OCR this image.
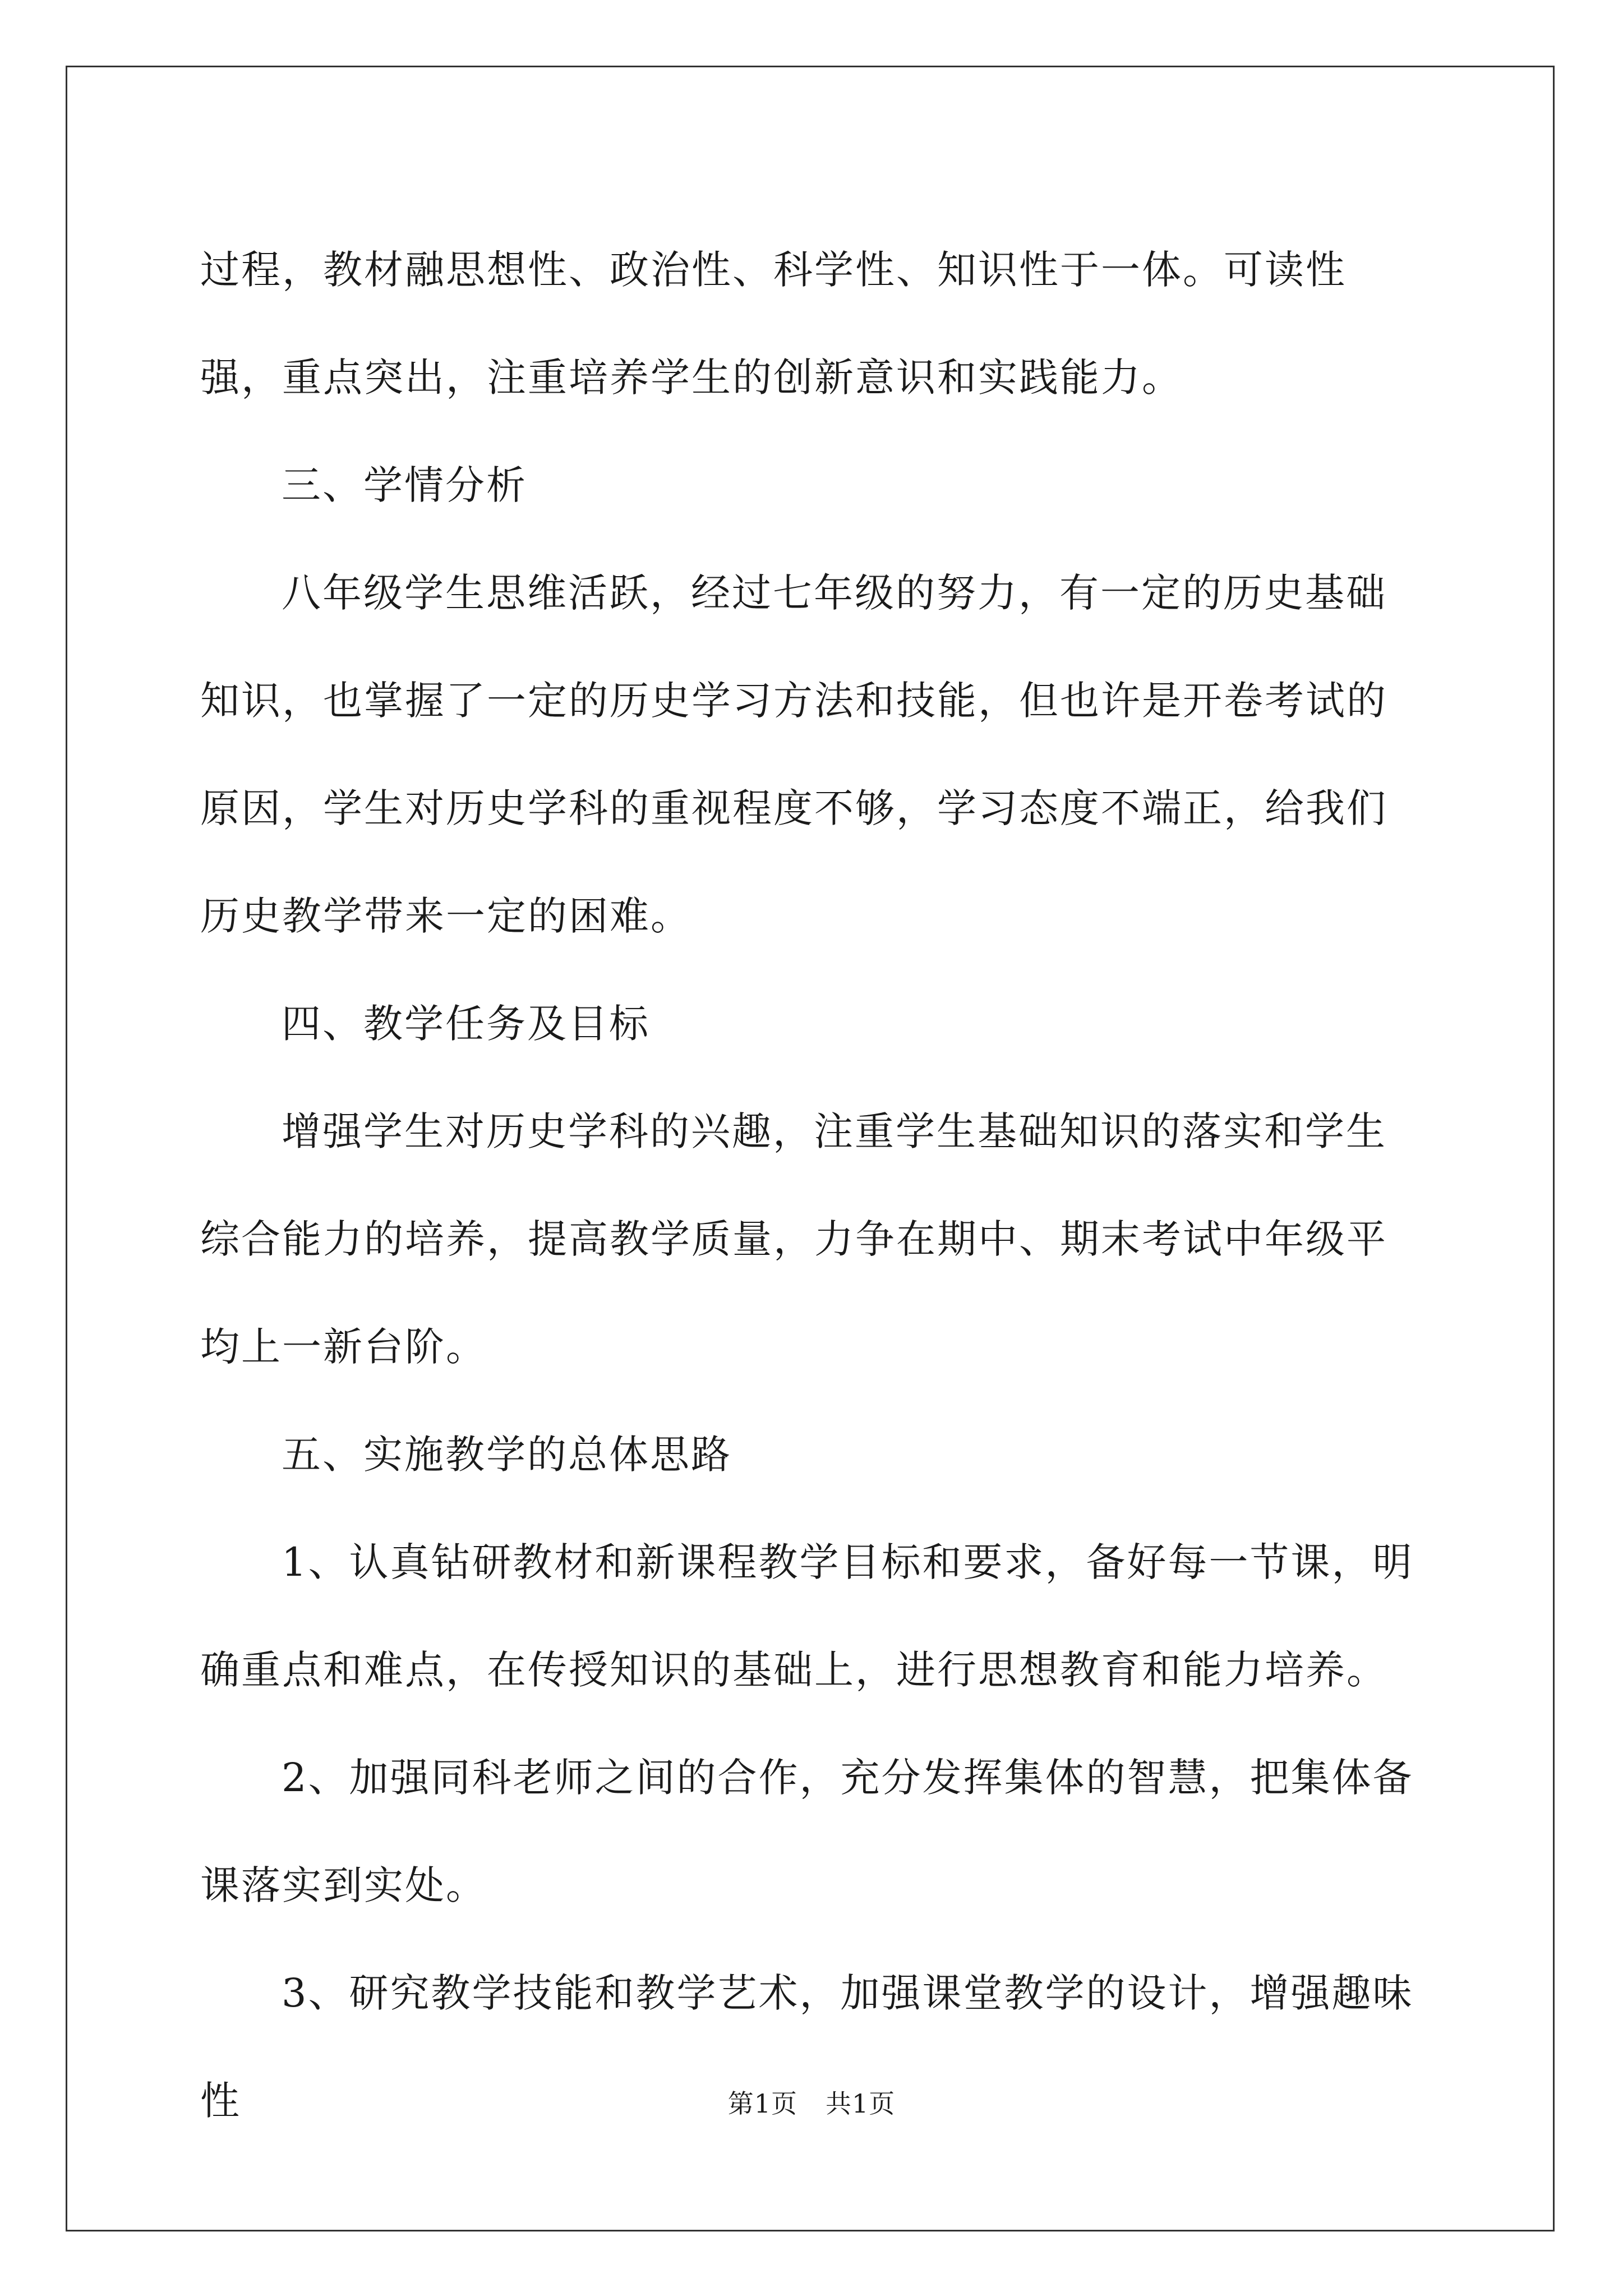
过程，教材融思想性、政治性、科学性、知识性于一体。可读性强，重点突出，注重培养学生的创新意识和实践能力。

三、学情分析

八年级学生思维活跃，经过七年级的努力，有一定的历史基础知识，也掌握了一定的历史学习方法和技能，但也许是开卷考试的原因，学生对历史学科的重视程度不够，学习态度不端正，给我们历史教学带来一定的困难。

四、教学任务及目标

增强学生对历史学科的兴趣，注重学生基础知识的落实和学生综合能力的培养，提高教学质量，力争在期中、期末考试中年级平均上一新台阶。

五、实施教学的总体思路

1、认真钻研教材和新课程教学目标和要求，备好每一节课，明确重点和难点，在传授知识的基础上，进行思想教育和能力培养。

2、加强同科老师之间的合作，充分发挥集体的智慧，把集体备课落实到实处。

3、研究教学技能和教学艺术，加强课堂教学的设计，增强趣味性	第1页 共1页
